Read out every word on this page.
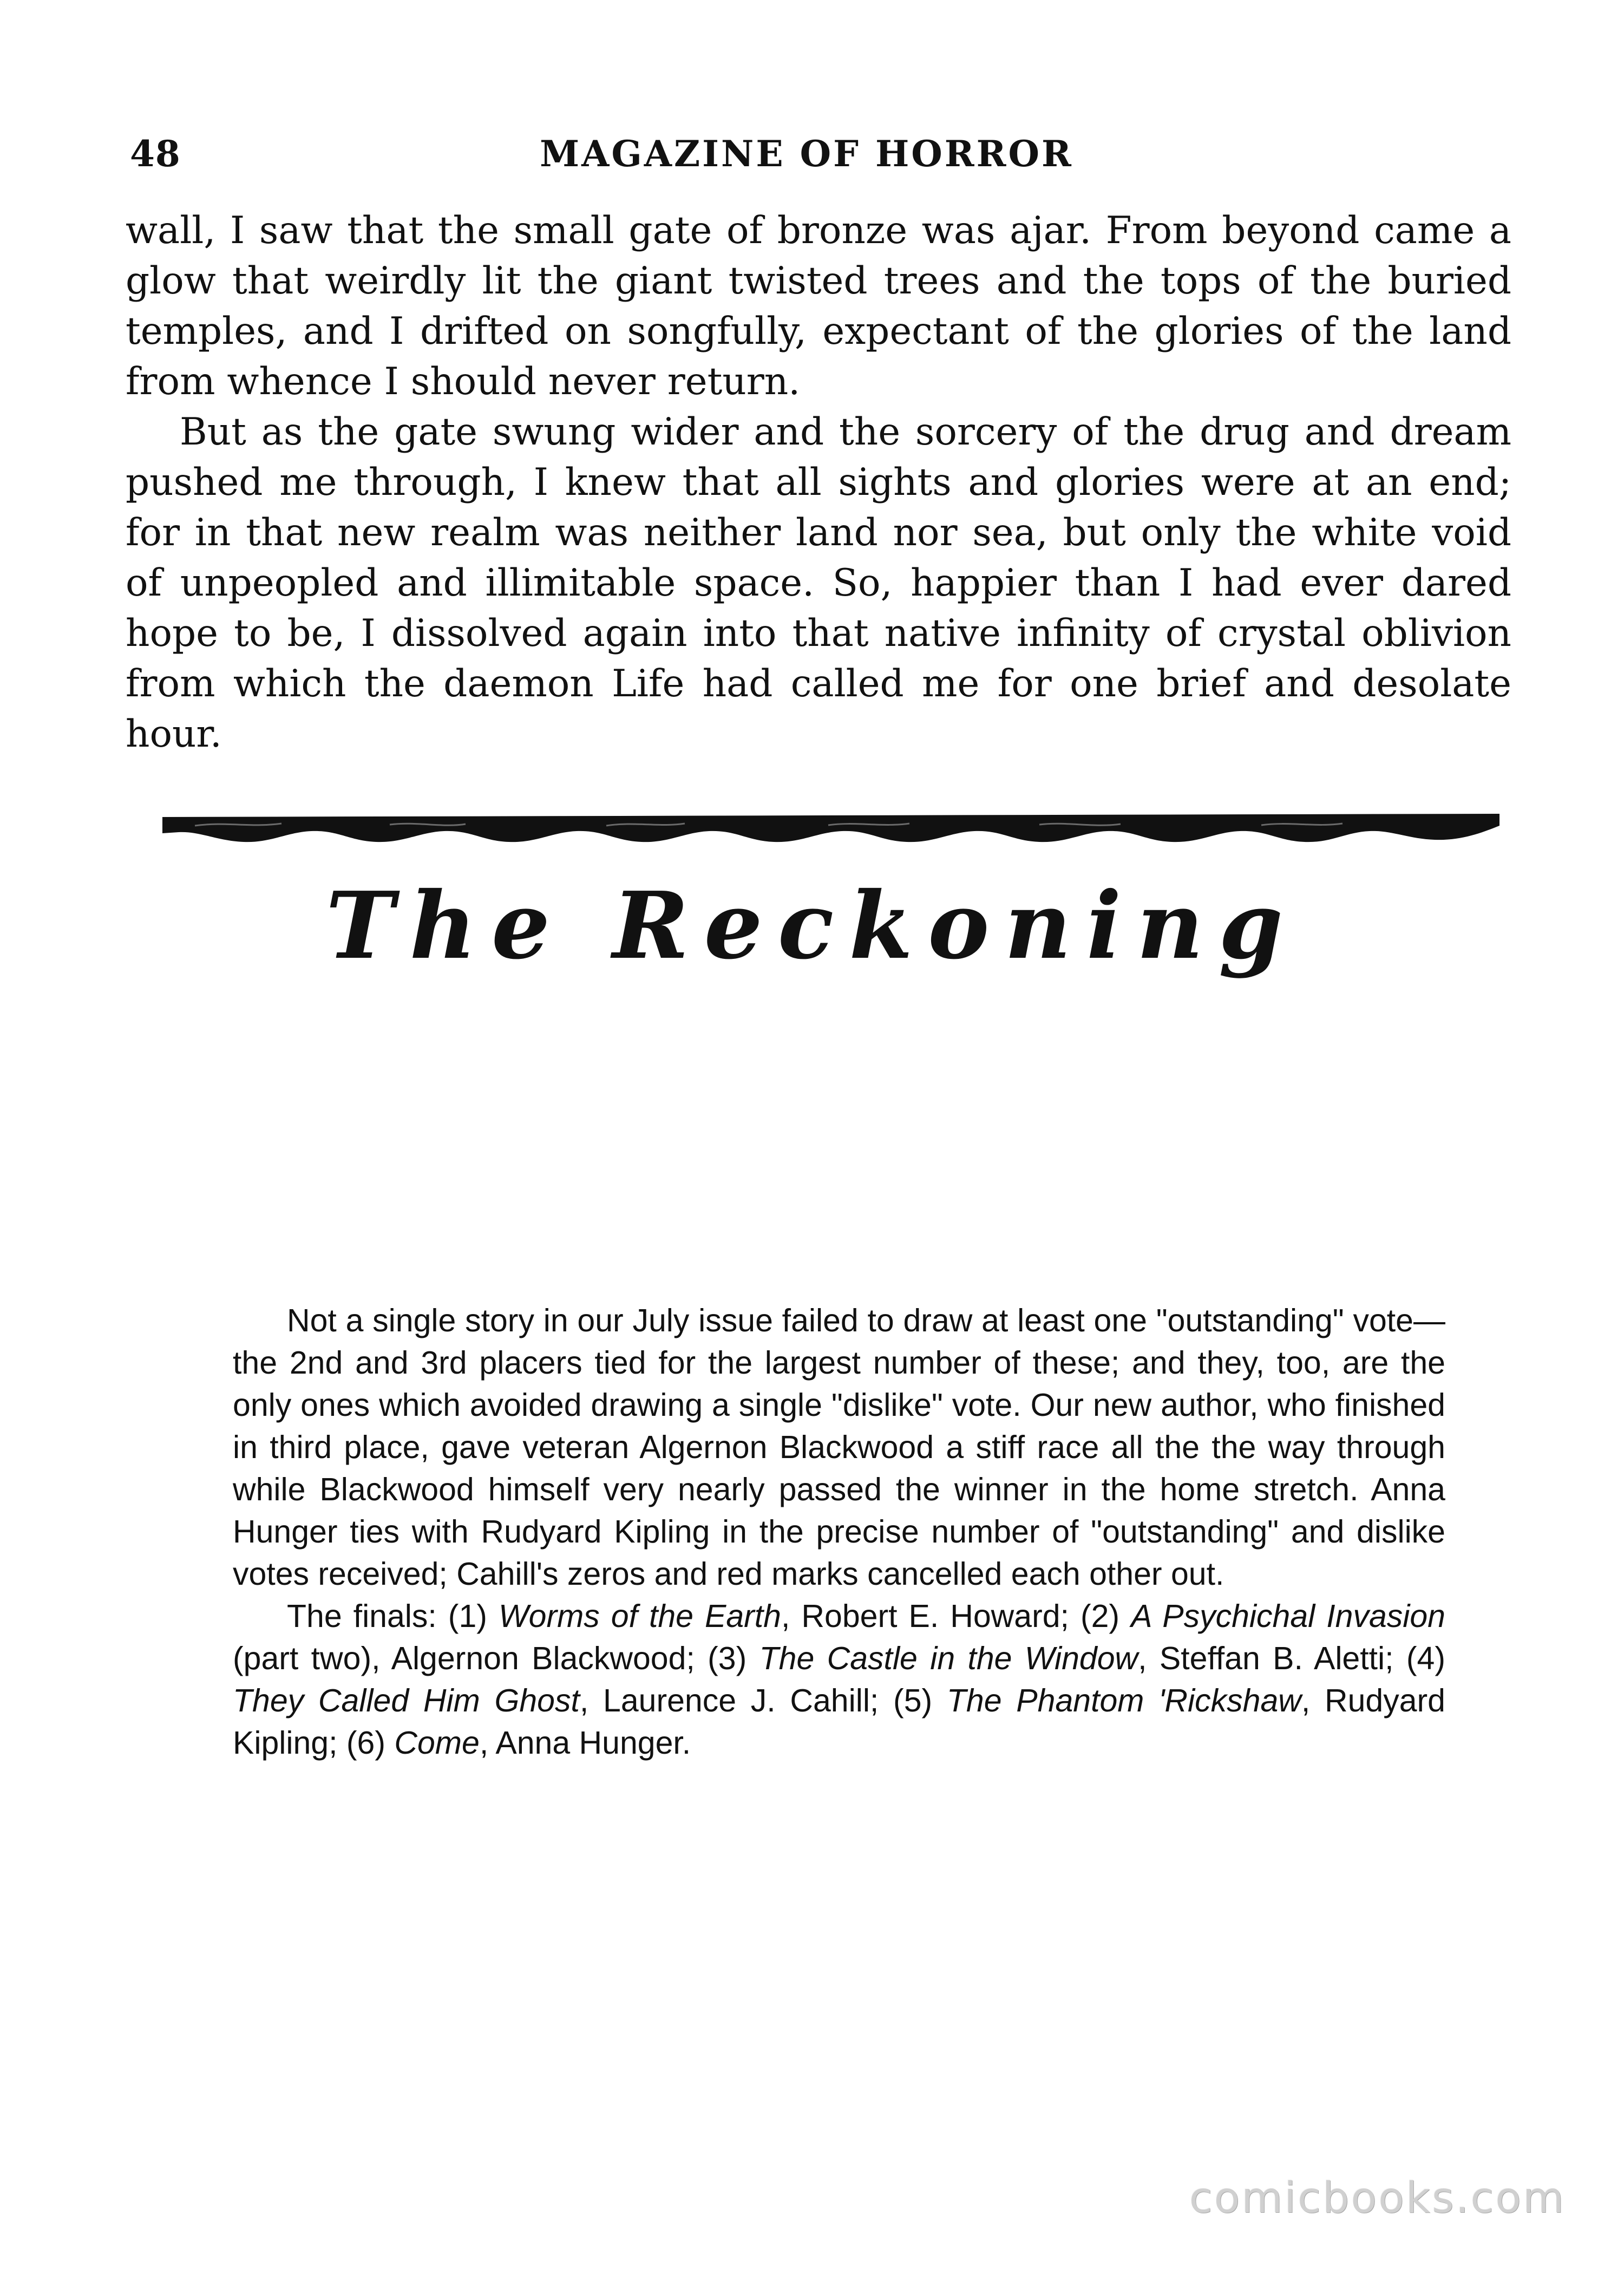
48	MAGAZINE OF HORROR

wall, I saw that the small gate of bronze was ajar. From beyond came a glow that weirdly lit the giant twisted trees and the tops of the buried temples, and I drifted on songfully, expectant of the glories of the land from whence I should never return.

But as the gate swung wider and the sorcery of the drug and dream pushed me through, I knew that all sights and glories were at an end; for in that new realm was neither land nor sea, but only the white void of unpeopled and illimitable space. So, happier than I had ever dared hope to be, I dissolved again into that native infinity of crystal oblivion from which the daemon Life had called me for one brief and desolate hour.

The Reckoning

Not a single story in our July issue failed to draw at least one "outstanding" vote—the 2nd and 3rd placers tied for the largest number of these; and they, too, are the only ones which avoided drawing a single "dislike" vote. Our new author, who finished in third place, gave veteran Algernon Blackwood a stiff race all the the way through while Blackwood himself very nearly passed the winner in the home stretch. Anna Hunger ties with Rudyard Kipling in the precise number of "outstanding" and dislike votes received; Cahill's zeros and red marks cancelled each other out.

The finals: (1) Worms of the Earth, Robert E. Howard; (2) A Psychichal Invasion (part two), Algernon Blackwood; (3) The Castle in the Window, Steffan B. Aletti; (4) They Called Him Ghost, Laurence J. Cahill; (5) The Phantom 'Rickshaw, Rudyard Kipling; (6) Come, Anna Hunger.

comicbooks.com
